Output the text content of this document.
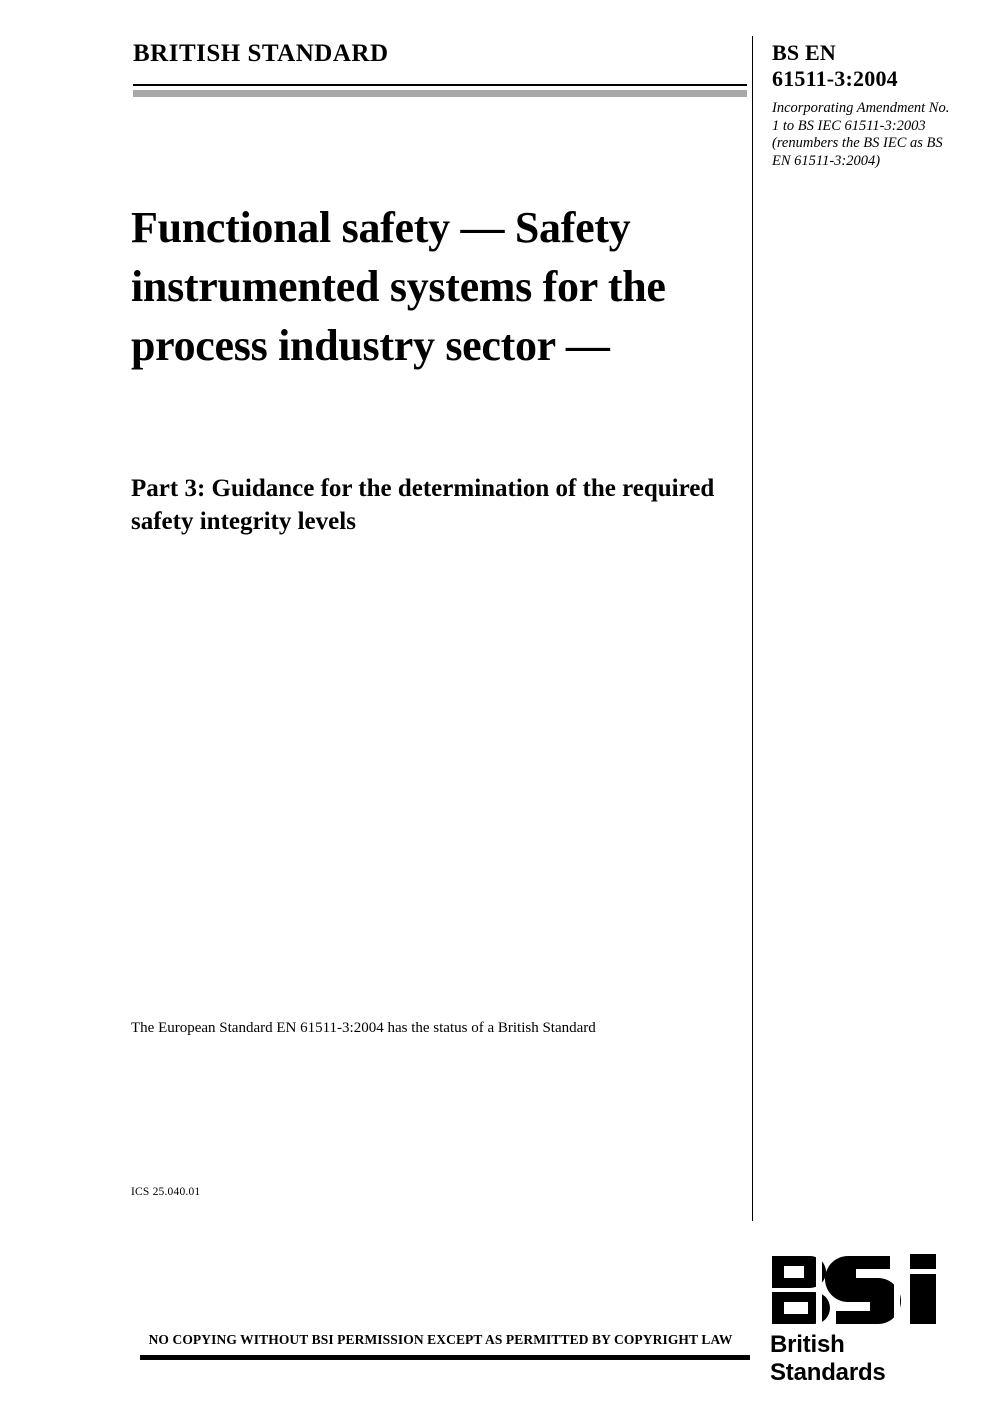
BRITISH STANDARD	BS EN
61511-3:2004
Incorporating Amendment No. 1 to BS IEC 61511-3:2003 (renumbers the BS IEC as BS EN 61511-3:2004)
Functional safety — Safety instrumented systems for the process industry sector —
Part 3: Guidance for the determination of the required safety integrity levels
The European Standard EN 61511-3:2004 has the status of a British Standard
ICS 25.040.01
British Standards
NO COPYING WITHOUT BSI PERMISSION EXCEPT AS PERMITTED BY COPYRIGHT LAW
